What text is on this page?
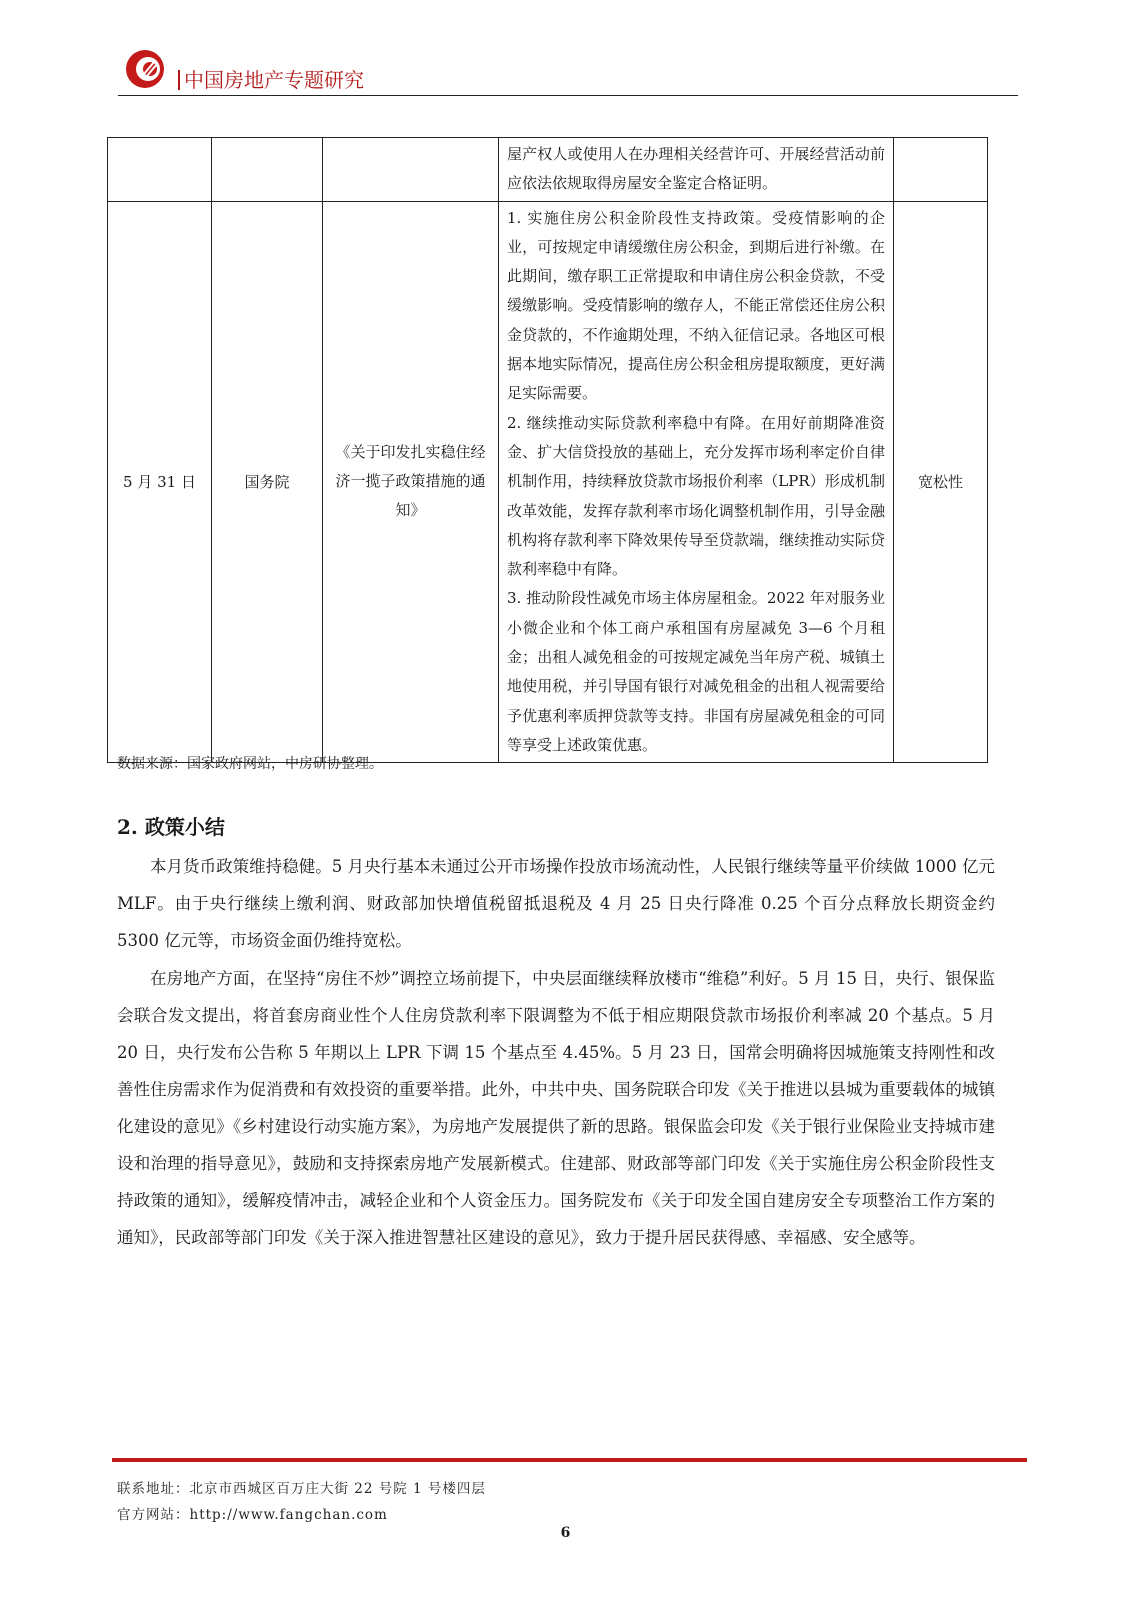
中国房地产专题研究
			屋产权人或使用人在办理相关经营许可、开展经营活动前应依法依规取得房屋安全鉴定合格证明。	
5 月 31 日	国务院	《关于印发扎实稳住经济一揽子政策措施的通知》	1. 实施住房公积金阶段性支持政策。受疫情影响的企业，可按规定申请缓缴住房公积金，到期后进行补缴。在此期间，缴存职工正常提取和申请住房公积金贷款，不受缓缴影响。受疫情影响的缴存人，不能正常偿还住房公积金贷款的，不作逾期处理，不纳入征信记录。各地区可根据本地实际情况，提高住房公积金租房提取额度，更好满足实际需要。
2. 继续推动实际贷款利率稳中有降。在用好前期降准资金、扩大信贷投放的基础上，充分发挥市场利率定价自律机制作用，持续释放贷款市场报价利率（LPR）形成机制改革效能，发挥存款利率市场化调整机制作用，引导金融机构将存款利率下降效果传导至贷款端，继续推动实际贷款利率稳中有降。
3. 推动阶段性减免市场主体房屋租金。2022 年对服务业小微企业和个体工商户承租国有房屋减免 3—6 个月租金；出租人减免租金的可按规定减免当年房产税、城镇土地使用税，并引导国有银行对减免租金的出租人视需要给予优惠利率质押贷款等支持。非国有房屋减免租金的可同等享受上述政策优惠。	宽松性
数据来源：国家政府网站，中房研协整理。
2. 政策小结

本月货币政策维持稳健。5 月央行基本未通过公开市场操作投放市场流动性，人民银行继续等量平价续做 1000 亿元 MLF。由于央行继续上缴利润、财政部加快增值税留抵退税及 4 月 25 日央行降准 0.25 个百分点释放长期资金约 5300 亿元等，市场资金面仍维持宽松。

在房地产方面，在坚持“房住不炒”调控立场前提下，中央层面继续释放楼市“维稳”利好。5 月 15 日，央行、银保监会联合发文提出，将首套房商业性个人住房贷款利率下限调整为不低于相应期限贷款市场报价利率减 20 个基点。5 月 20 日，央行发布公告称 5 年期以上 LPR 下调 15 个基点至 4.45%。5 月 23 日，国常会明确将因城施策支持刚性和改善性住房需求作为促消费和有效投资的重要举措。此外，中共中央、国务院联合印发《关于推进以县城为重要载体的城镇化建设的意见》《乡村建设行动实施方案》，为房地产发展提供了新的思路。银保监会印发《关于银行业保险业支持城市建设和治理的指导意见》，鼓励和支持探索房地产发展新模式。住建部、财政部等部门印发《关于实施住房公积金阶段性支持政策的通知》，缓解疫情冲击，减轻企业和个人资金压力。国务院发布《关于印发全国自建房安全专项整治工作方案的通知》，民政部等部门印发《关于深入推进智慧社区建设的意见》，致力于提升居民获得感、幸福感、安全感等。

联系地址：北京市西城区百万庄大街 22 号院 1 号楼四层
官方网站：http://www.fangchan.com
6
